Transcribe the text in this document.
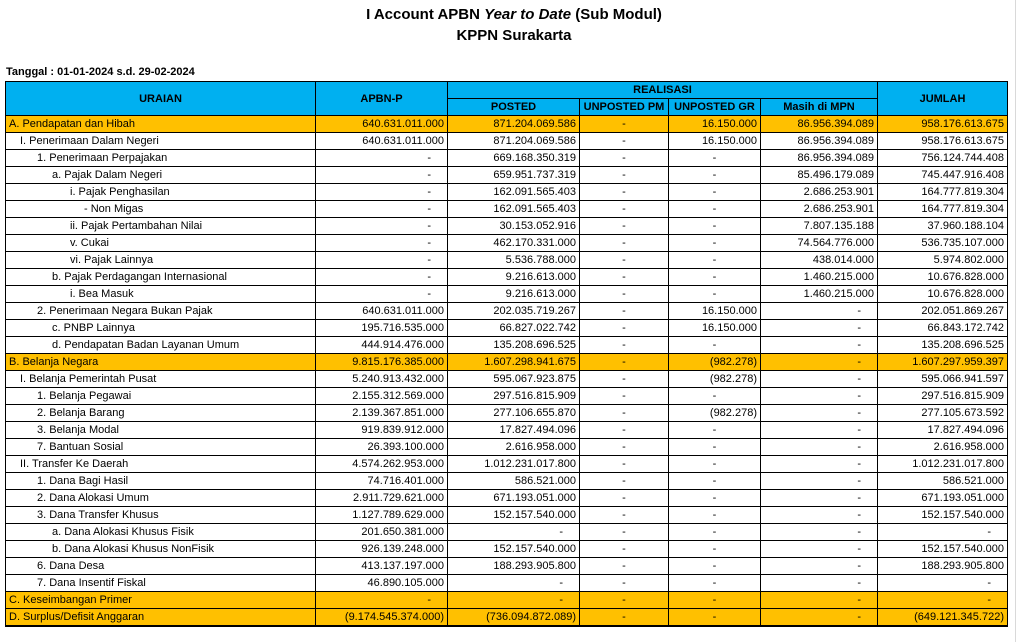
I Account APBN Year to Date (Sub Modul)
KPPN Surakarta
Tanggal : 01-01-2024 s.d. 29-02-2024
URAIAN	APBN-P	REALISASI				JUMLAH
		POSTED	UNPOSTED PM	UNPOSTED GR	Masih di MPN	
A. Pendapatan dan Hibah	640.631.011.000	871.204.069.586	-	16.150.000	86.956.394.089	958.176.613.675
I. Penerimaan Dalam Negeri	640.631.011.000	871.204.069.586	-	16.150.000	86.956.394.089	958.176.613.675
1. Penerimaan Perpajakan	-	669.168.350.319	-	-	86.956.394.089	756.124.744.408
a. Pajak Dalam Negeri	-	659.951.737.319	-	-	85.496.179.089	745.447.916.408
i. Pajak Penghasilan	-	162.091.565.403	-	-	2.686.253.901	164.777.819.304
- Non Migas	-	162.091.565.403	-	-	2.686.253.901	164.777.819.304
ii. Pajak Pertambahan Nilai	-	30.153.052.916	-	-	7.807.135.188	37.960.188.104
v. Cukai	-	462.170.331.000	-	-	74.564.776.000	536.735.107.000
vi. Pajak Lainnya	-	5.536.788.000	-	-	438.014.000	5.974.802.000
b. Pajak Perdagangan Internasional	-	9.216.613.000	-	-	1.460.215.000	10.676.828.000
i. Bea Masuk	-	9.216.613.000	-	-	1.460.215.000	10.676.828.000
2. Penerimaan Negara Bukan Pajak	640.631.011.000	202.035.719.267	-	16.150.000	-	202.051.869.267
c. PNBP Lainnya	195.716.535.000	66.827.022.742	-	16.150.000	-	66.843.172.742
d. Pendapatan Badan Layanan Umum	444.914.476.000	135.208.696.525	-	-	-	135.208.696.525
B. Belanja Negara	9.815.176.385.000	1.607.298.941.675	-	(982.278)	-	1.607.297.959.397
I. Belanja Pemerintah Pusat	5.240.913.432.000	595.067.923.875	-	(982.278)	-	595.066.941.597
1. Belanja Pegawai	2.155.312.569.000	297.516.815.909	-	-	-	297.516.815.909
2. Belanja Barang	2.139.367.851.000	277.106.655.870	-	(982.278)	-	277.105.673.592
3. Belanja Modal	919.839.912.000	17.827.494.096	-	-	-	17.827.494.096
7. Bantuan Sosial	26.393.100.000	2.616.958.000	-	-	-	2.616.958.000
II. Transfer Ke Daerah	4.574.262.953.000	1.012.231.017.800	-	-	-	1.012.231.017.800
1. Dana Bagi Hasil	74.716.401.000	586.521.000	-	-	-	586.521.000
2. Dana Alokasi Umum	2.911.729.621.000	671.193.051.000	-	-	-	671.193.051.000
3. Dana Transfer Khusus	1.127.789.629.000	152.157.540.000	-	-	-	152.157.540.000
a. Dana Alokasi Khusus Fisik	201.650.381.000	-	-	-	-	-
b. Dana Alokasi Khusus NonFisik	926.139.248.000	152.157.540.000	-	-	-	152.157.540.000
6. Dana Desa	413.137.197.000	188.293.905.800	-	-	-	188.293.905.800
7. Dana Insentif Fiskal	46.890.105.000	-	-	-	-	-
C. Keseimbangan Primer	-	-	-	-	-	-
D. Surplus/Defisit Anggaran	(9.174.545.374.000)	(736.094.872.089)	-	-	-	(649.121.345.722)
